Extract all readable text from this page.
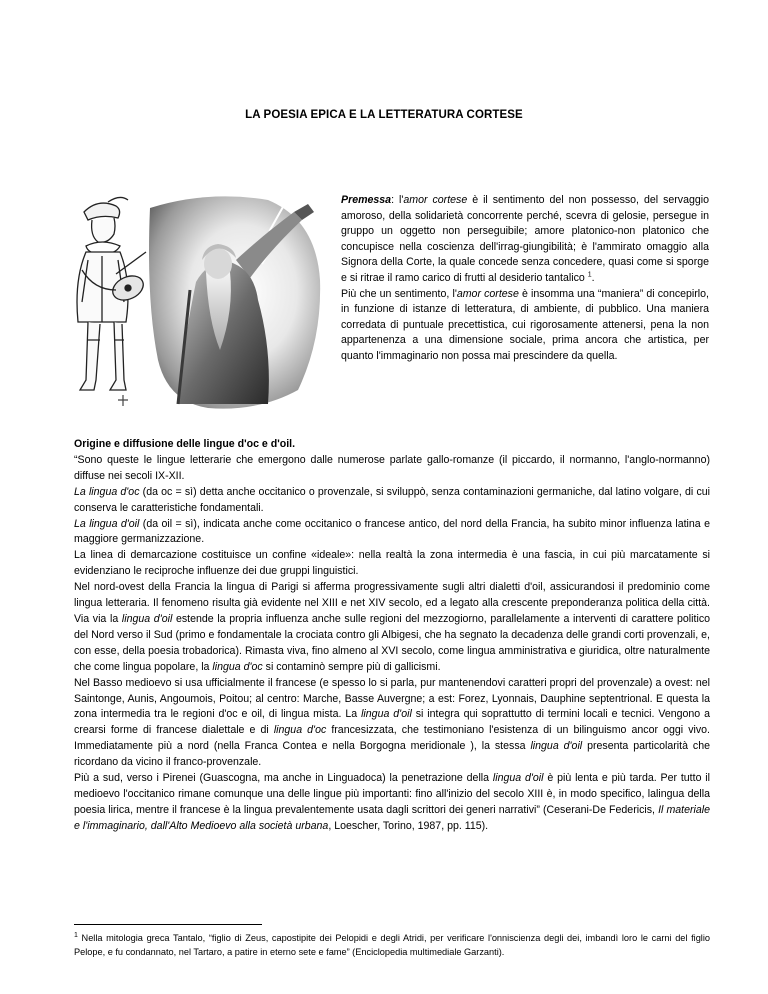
LA POESIA EPICA E LA LETTERATURA CORTESE

Premessa: l'amor cortese è il sentimento del non possesso, del servaggio amoroso, della solidarietà concorrente perché, scevra di gelosie, persegue in gruppo un oggetto non perseguibile; amore platonico-non platonico che concupisce nella coscienza dell'irrag-giungibilità; è l'ammirato omaggio alla Signora della Corte, la quale concede senza concedere, quasi come si sporge e si ritrae il ramo carico di frutti al desiderio tantalico $^1$.

Più che un sentimento, l'amor cortese è insomma una “maniera” di concepirlo, in funzione di istanze di letteratura, di ambiente, di pubblico. Una maniera corredata di puntuale precettistica, cui rigorosamente attenersi, pena la non appartenenza a una dimensione sociale, prima ancora che artistica, per quanto l'immaginario non possa mai prescindere da quella.

Origine e diffusione delle lingue d'oc e d'oil.

“Sono queste le lingue letterarie che emergono dalle numerose parlate gallo-romanze (il piccardo, il normanno, l'anglo-normanno) diffuse nei secoli IX-XII.

La lingua d'oc (da oc = sì) detta anche occitanico o provenzale, si sviluppò, senza contaminazioni germaniche, dal latino volgare, di cui conserva le caratteristiche fondamentali.

La lingua d'oil (da oil = sì), indicata anche come occitanico o francese antico, del nord della Francia, ha subito minor influenza latina e maggiore germanizzazione.

La linea di demarcazione costituisce un confine «ideale»: nella realtà la zona intermedia è una fascia, in cui più marcatamente si evidenziano le reciproche influenze dei due gruppi linguistici.

Nel nord-ovest della Francia la lingua di Parigi si afferma progressivamente sugli altri dialetti d'oil, assicurandosi il predominio come lingua letteraria. Il fenomeno risulta già evidente nel XIII e net XIV secolo, ed a legato alla crescente preponderanza politica della città. Via via la lingua d'oil estende la propria influenza anche sulle regioni del mezzogiorno, parallelamente a interventi di carattere politico del Nord verso il Sud (primo e fondamentale la crociata contro gli Albigesi, che ha segnato la decadenza delle grandi corti provenzali, e, con esse, della poesia trobadorica). Rimasta viva, fino almeno al XVI secolo, come lingua amministrativa e giuridica, oltre naturalmente che come lingua popolare, la lingua d'oc si contaminò sempre più di gallicismi.

Nel Basso medioevo si usa ufficialmente il francese (e spesso lo si parla, pur mantenendovi caratteri propri del provenzale) a ovest: nel Saintonge, Aunis, Angoumois, Poitou; al centro: Marche, Basse Auvergne; a est: Forez, Lyonnais, Dauphine septentrional. E questa la zona intermedia tra le regioni d'oc e oil, di lingua mista. La lingua d'oil si integra qui soprattutto di termini locali e tecnici. Vengono a crearsi forme di francese dialettale e di lingua d'oc francesizzata, che testimoniano l'esistenza di un bilinguismo ancor oggi vivo. Immediatamente più a nord (nella Franca Contea e nella Borgogna meridionale ), la stessa lingua d'oil presenta particolarità che ricordano da vicino il franco-provenzale.

Più a sud, verso i Pirenei (Guascogna, ma anche in Linguadoca) la penetrazione della lingua d'oil è più lenta e più tarda. Per tutto il medioevo l'occitanico rimane comunque una delle lingue più importanti: fino all'inizio del secolo XIII è, in modo specifico, lalingua della poesia lirica, mentre il francese è la lingua prevalentemente usata dagli scrittori dei generi narrativi” (Ceserani-De Federicis, Il materiale e l'immaginario, dall'Alto Medioevo alla società urbana, Loescher, Torino, 1987, pp. 115).

$^1$ Nella mitologia greca Tantalo, “figlio di Zeus, capostipite dei Pelopidi e degli Atridi, per verificare l'onniscienza degli dei, imbandì loro le carni del figlio Pelope, e fu condannato, nel Tartaro, a patire in eterno sete e fame” (Enciclopedia multimediale Garzanti).
